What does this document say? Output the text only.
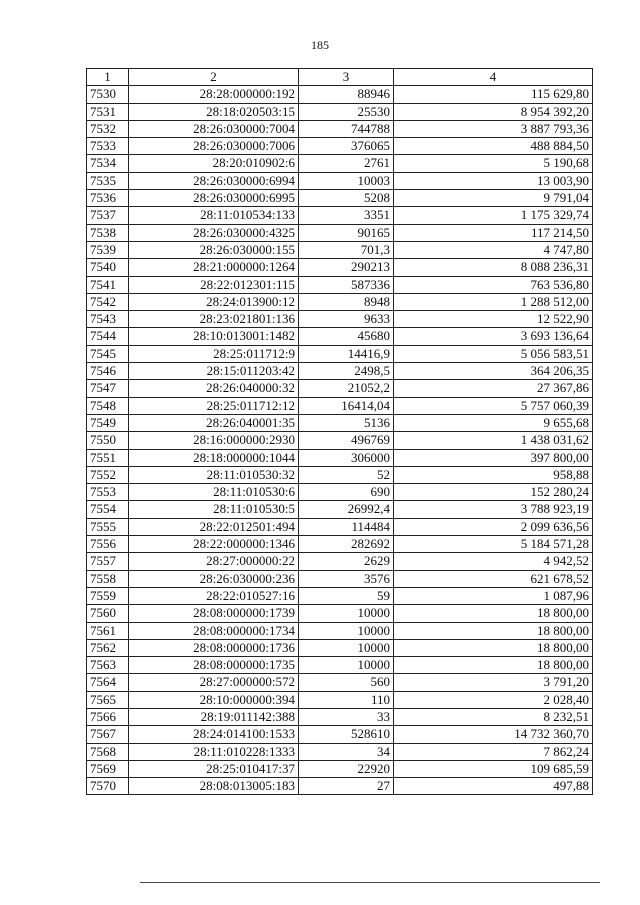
185
1	2	3	4
7530	28:28:000000:192	88946	115 629,80
7531	28:18:020503:15	25530	8 954 392,20
7532	28:26:030000:7004	744788	3 887 793,36
7533	28:26:030000:7006	376065	488 884,50
7534	28:20:010902:6	2761	5 190,68
7535	28:26:030000:6994	10003	13 003,90
7536	28:26:030000:6995	5208	9 791,04
7537	28:11:010534:133	3351	1 175 329,74
7538	28:26:030000:4325	90165	117 214,50
7539	28:26:030000:155	701,3	4 747,80
7540	28:21:000000:1264	290213	8 088 236,31
7541	28:22:012301:115	587336	763 536,80
7542	28:24:013900:12	8948	1 288 512,00
7543	28:23:021801:136	9633	12 522,90
7544	28:10:013001:1482	45680	3 693 136,64
7545	28:25:011712:9	14416,9	5 056 583,51
7546	28:15:011203:42	2498,5	364 206,35
7547	28:26:040000:32	21052,2	27 367,86
7548	28:25:011712:12	16414,04	5 757 060,39
7549	28:26:040001:35	5136	9 655,68
7550	28:16:000000:2930	496769	1 438 031,62
7551	28:18:000000:1044	306000	397 800,00
7552	28:11:010530:32	52	958,88
7553	28:11:010530:6	690	152 280,24
7554	28:11:010530:5	26992,4	3 788 923,19
7555	28:22:012501:494	114484	2 099 636,56
7556	28:22:000000:1346	282692	5 184 571,28
7557	28:27:000000:22	2629	4 942,52
7558	28:26:030000:236	3576	621 678,52
7559	28:22:010527:16	59	1 087,96
7560	28:08:000000:1739	10000	18 800,00
7561	28:08:000000:1734	10000	18 800,00
7562	28:08:000000:1736	10000	18 800,00
7563	28:08:000000:1735	10000	18 800,00
7564	28:27:000000:572	560	3 791,20
7565	28:10:000000:394	110	2 028,40
7566	28:19:011142:388	33	8 232,51
7567	28:24:014100:1533	528610	14 732 360,70
7568	28:11:010228:1333	34	7 862,24
7569	28:25:010417:37	22920	109 685,59
7570	28:08:013005:183	27	497,88
